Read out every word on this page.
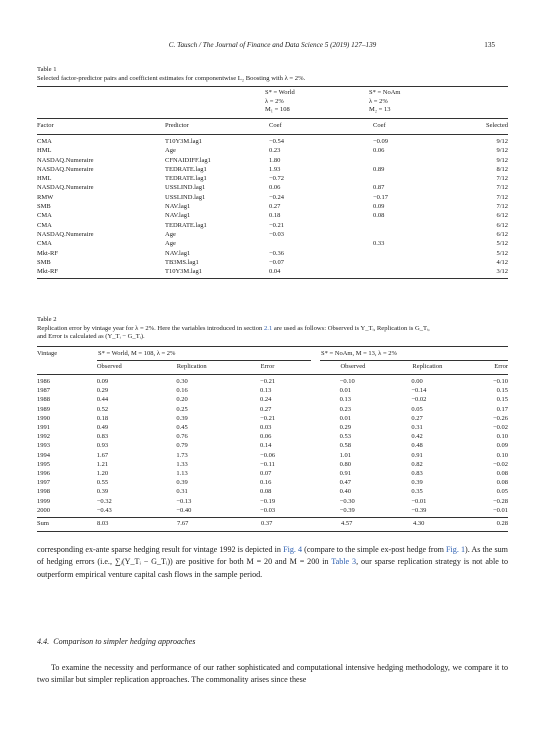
C. Tausch / The Journal of Finance and Data Science 5 (2019) 127–139	135
Table 1
Selected factor-predictor pairs and coefficient estimates for componentwise L₂ Boosting with λ = 2%.
S* = World
λ = 2%
M₁ = 108
S* = NoAm
λ = 2%
M₂ = 13
Factor	Predictor	Coef	Coef	Selected
CMA	T10Y3M.lag1	−0.54	−0.09	9/12
HML	Age	0.23	0.06	9/12
NASDAQ.Numeraire	CFNAIDIFF.lag1	1.80		9/12
NASDAQ.Numeraire	TEDRATE.lag1	1.93	0.89	8/12
HML	TEDRATE.lag1	−0.72		7/12
NASDAQ.Numeraire	USSLIND.lag1	0.06	0.87	7/12
RMW	USSLIND.lag1	−0.24	−0.17	7/12
SMB	NAV.lag1	0.27	0.09	7/12
CMA	NAV.lag1	0.18	0.08	6/12
CMA	TEDRATE.lag1	−0.21		6/12
NASDAQ.Numeraire	Age	−0.03		6/12
CMA	Age		0.33	5/12
Mkt-RF	NAV.lag1	−0.36		5/12
SMB	TB3MS.lag1	−0.07		4/12
Mkt-RF	T10Y3M.lag1	0.04		3/12
Table 2
Replication error by vintage year for λ = 2%. Here the variables introduced in section 2.1 are used as follows: Observed is Y_Tᵢ, Replication is G_Tᵢ,
and Error is calculated as (Y_Tᵢ − G_Tᵢ).
Vintage	S* = World, M = 108, λ = 2%	S* = NoAm, M = 13, λ = 2%
	Observed	Replication	Error	Observed	Replication	Error
1986	0.09	0.30	−0.21	−0.10	0.00	−0.10
1987	0.29	0.16	0.13	0.01	−0.14	0.15
1988	0.44	0.20	0.24	0.13	−0.02	0.15
1989	0.52	0.25	0.27	0.23	0.05	0.17
1990	0.18	0.39	−0.21	0.01	0.27	−0.26
1991	0.49	0.45	0.03	0.29	0.31	−0.02
1992	0.83	0.76	0.06	0.53	0.42	0.10
1993	0.93	0.79	0.14	0.58	0.48	0.09
1994	1.67	1.73	−0.06	1.01	0.91	0.10
1995	1.21	1.33	−0.11	0.80	0.82	−0.02
1996	1.20	1.13	0.07	0.91	0.83	0.08
1997	0.55	0.39	0.16	0.47	0.39	0.08
1998	0.39	0.31	0.08	0.40	0.35	0.05
1999	−0.32	−0.13	−0.19	−0.30	−0.01	−0.28
2000	−0.43	−0.40	−0.03	−0.39	−0.39	−0.01
Sum	8.03	7.67	0.37	4.57	4.30	0.28
corresponding ex-ante sparse hedging result for vintage 1992 is depicted in Fig. 4 (compare to the simple ex-post hedge from Fig. 1). As the sum of hedging errors (i.e., ∑ᵢ(Y_Tᵢ − G_Tᵢ)) are positive for both M = 20 and M = 200 in Table 3, our sparse replication strategy is not able to outperform empirical venture capital cash flows in the sample period.
4.4. Comparison to simpler hedging approaches
To examine the necessity and performance of our rather sophisticated and computational intensive hedging methodology, we compare it to two similar but simpler replication approaches. The commonality arises since these
